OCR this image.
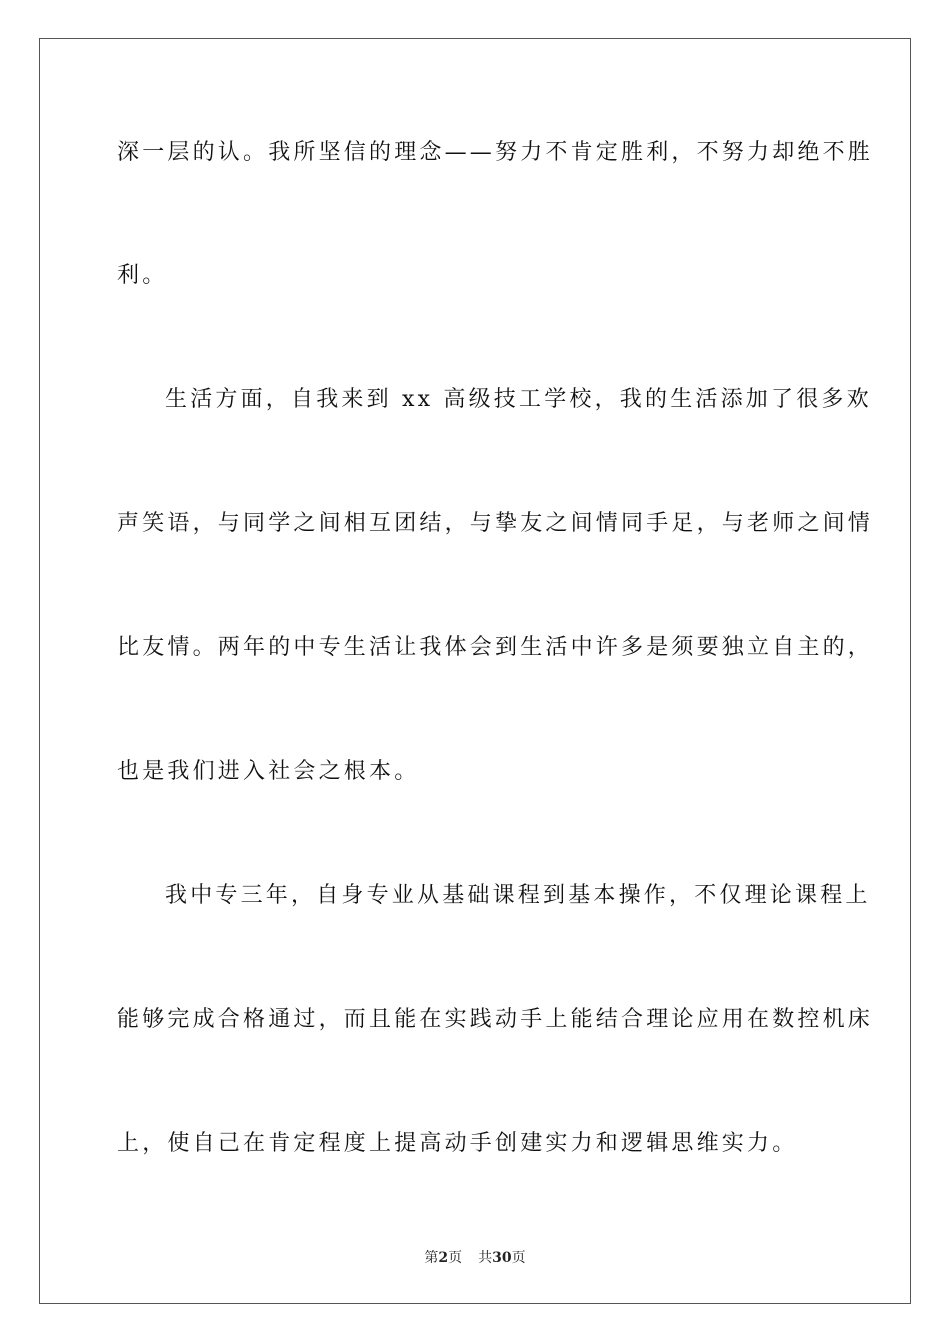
深一层的认。我所坚信的理念——努力不肯定胜利，不努力却绝不胜
利。
生活方面，自我来到 xx 高级技工学校，我的生活添加了很多欢
声笑语，与同学之间相互团结，与挚友之间情同手足，与老师之间情
比友情。两年的中专生活让我体会到生活中许多是须要独立自主的，
也是我们进入社会之根本。
我中专三年，自身专业从基础课程到基本操作，不仅理论课程上
能够完成合格通过，而且能在实践动手上能结合理论应用在数控机床
上，使自己在肯定程度上提高动手创建实力和逻辑思维实力。
第2页 共30页
